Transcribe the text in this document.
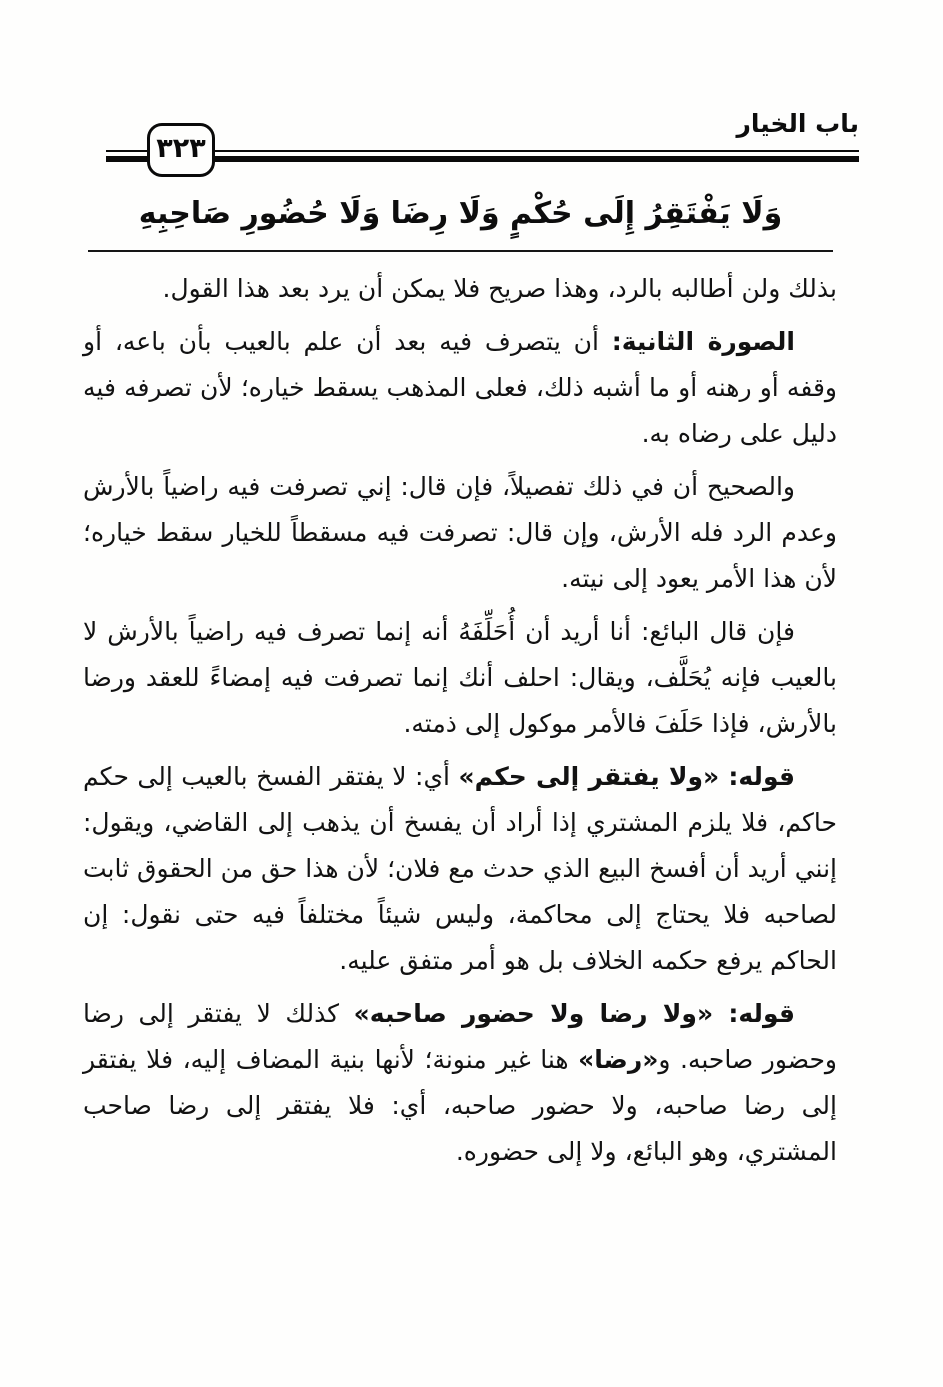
باب الخيار
٣٢٣
وَلَا يَفْتَقِرُ إِلَى حُكْمٍ وَلَا رِضَا وَلَا حُضُورِ صَاحِبِهِ

بذلك ولن أطالبه بالرد، وهذا صريح فلا يمكن أن يرد بعد هذا القول.

الصورة الثانية: أن يتصرف فيه بعد أن علم بالعيب بأن باعه، أو وقفه أو رهنه أو ما أشبه ذلك، فعلى المذهب يسقط خياره؛ لأن تصرفه فيه دليل على رضاه به.

والصحيح أن في ذلك تفصيلاً، فإن قال: إني تصرفت فيه راضياً بالأرش وعدم الرد فله الأرش، وإن قال: تصرفت فيه مسقطاً للخيار سقط خياره؛ لأن هذا الأمر يعود إلى نيته.

فإن قال البائع: أنا أريد أن أُحَلِّفَهُ أنه إنما تصرف فيه راضياً بالأرش لا بالعيب فإنه يُحَلَّف، ويقال: احلف أنك إنما تصرفت فيه إمضاءً للعقد ورضا بالأرش، فإذا حَلَفَ فالأمر موكول إلى ذمته.

قوله: «ولا يفتقر إلى حكم» أي: لا يفتقر الفسخ بالعيب إلى حكم حاكم، فلا يلزم المشتري إذا أراد أن يفسخ أن يذهب إلى القاضي، ويقول: إنني أريد أن أفسخ البيع الذي حدث مع فلان؛ لأن هذا حق من الحقوق ثابت لصاحبه فلا يحتاج إلى محاكمة، وليس شيئاً مختلفاً فيه حتى نقول: إن الحاكم يرفع حكمه الخلاف بل هو أمر متفق عليه.

قوله: «ولا رضا ولا حضور صاحبه» كذلك لا يفتقر إلى رضا وحضور صاحبه. و«رضا» هنا غير منونة؛ لأنها بنية المضاف إليه، فلا يفتقر إلى رضا صاحبه، ولا حضور صاحبه، أي: فلا يفتقر إلى رضا صاحب المشتري، وهو البائع، ولا إلى حضوره.
